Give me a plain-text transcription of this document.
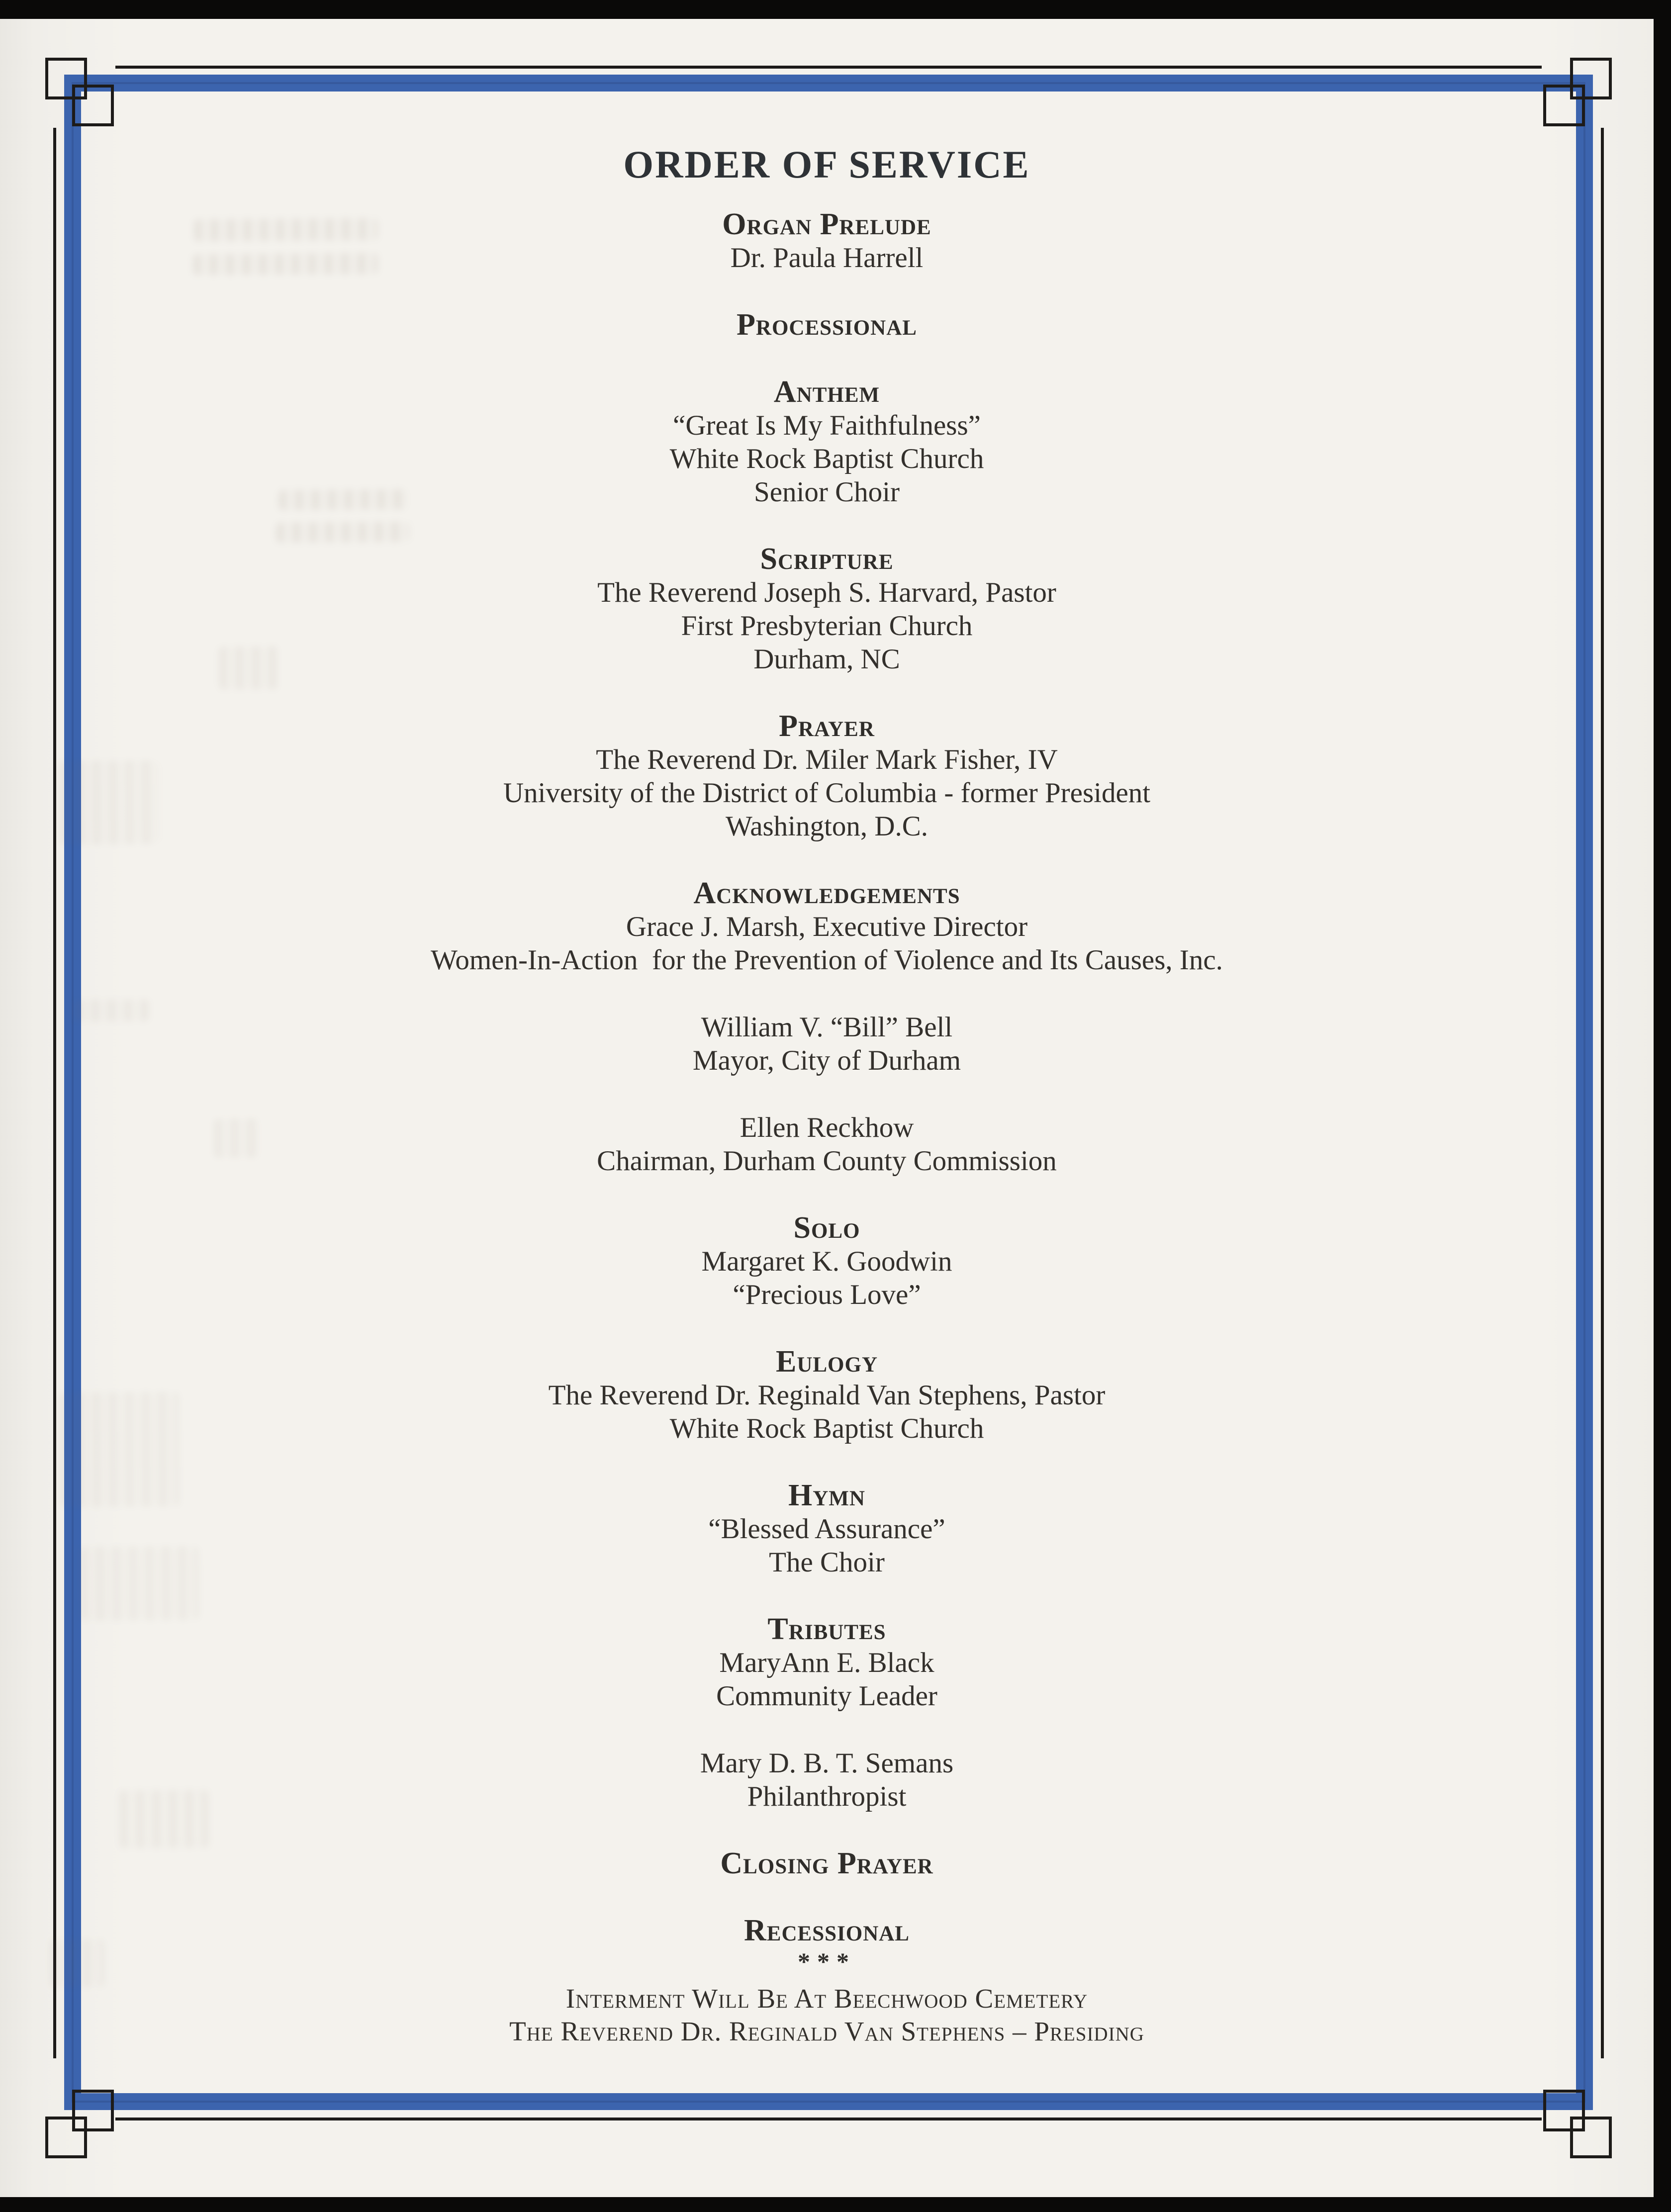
ORDER OF SERVICE
Organ Prelude
Dr. Paula Harrell
Processional
Anthem
“Great Is My Faithfulness”
White Rock Baptist Church
Senior Choir
Scripture
The Reverend Joseph S. Harvard, Pastor
First Presbyterian Church
Durham, NC
Prayer
The Reverend Dr. Miler Mark Fisher, IV
University of the District of Columbia - former President
Washington, D.C.
Acknowledgements
Grace J. Marsh, Executive Director
Women-In-Action  for the Prevention of Violence and Its Causes, Inc.
William V. “Bill” Bell
Mayor, City of Durham
Ellen Reckhow
Chairman, Durham County Commission
Solo
Margaret K. Goodwin
“Precious Love”
Eulogy
The Reverend Dr. Reginald Van Stephens, Pastor
White Rock Baptist Church
Hymn
“Blessed Assurance”
The Choir
Tributes
MaryAnn E. Black
Community Leader
Mary D. B. T. Semans
Philanthropist
Closing Prayer
Recessional
***
Interment Will Be At Beechwood Cemetery
The Reverend Dr. Reginald Van Stephens – Presiding
